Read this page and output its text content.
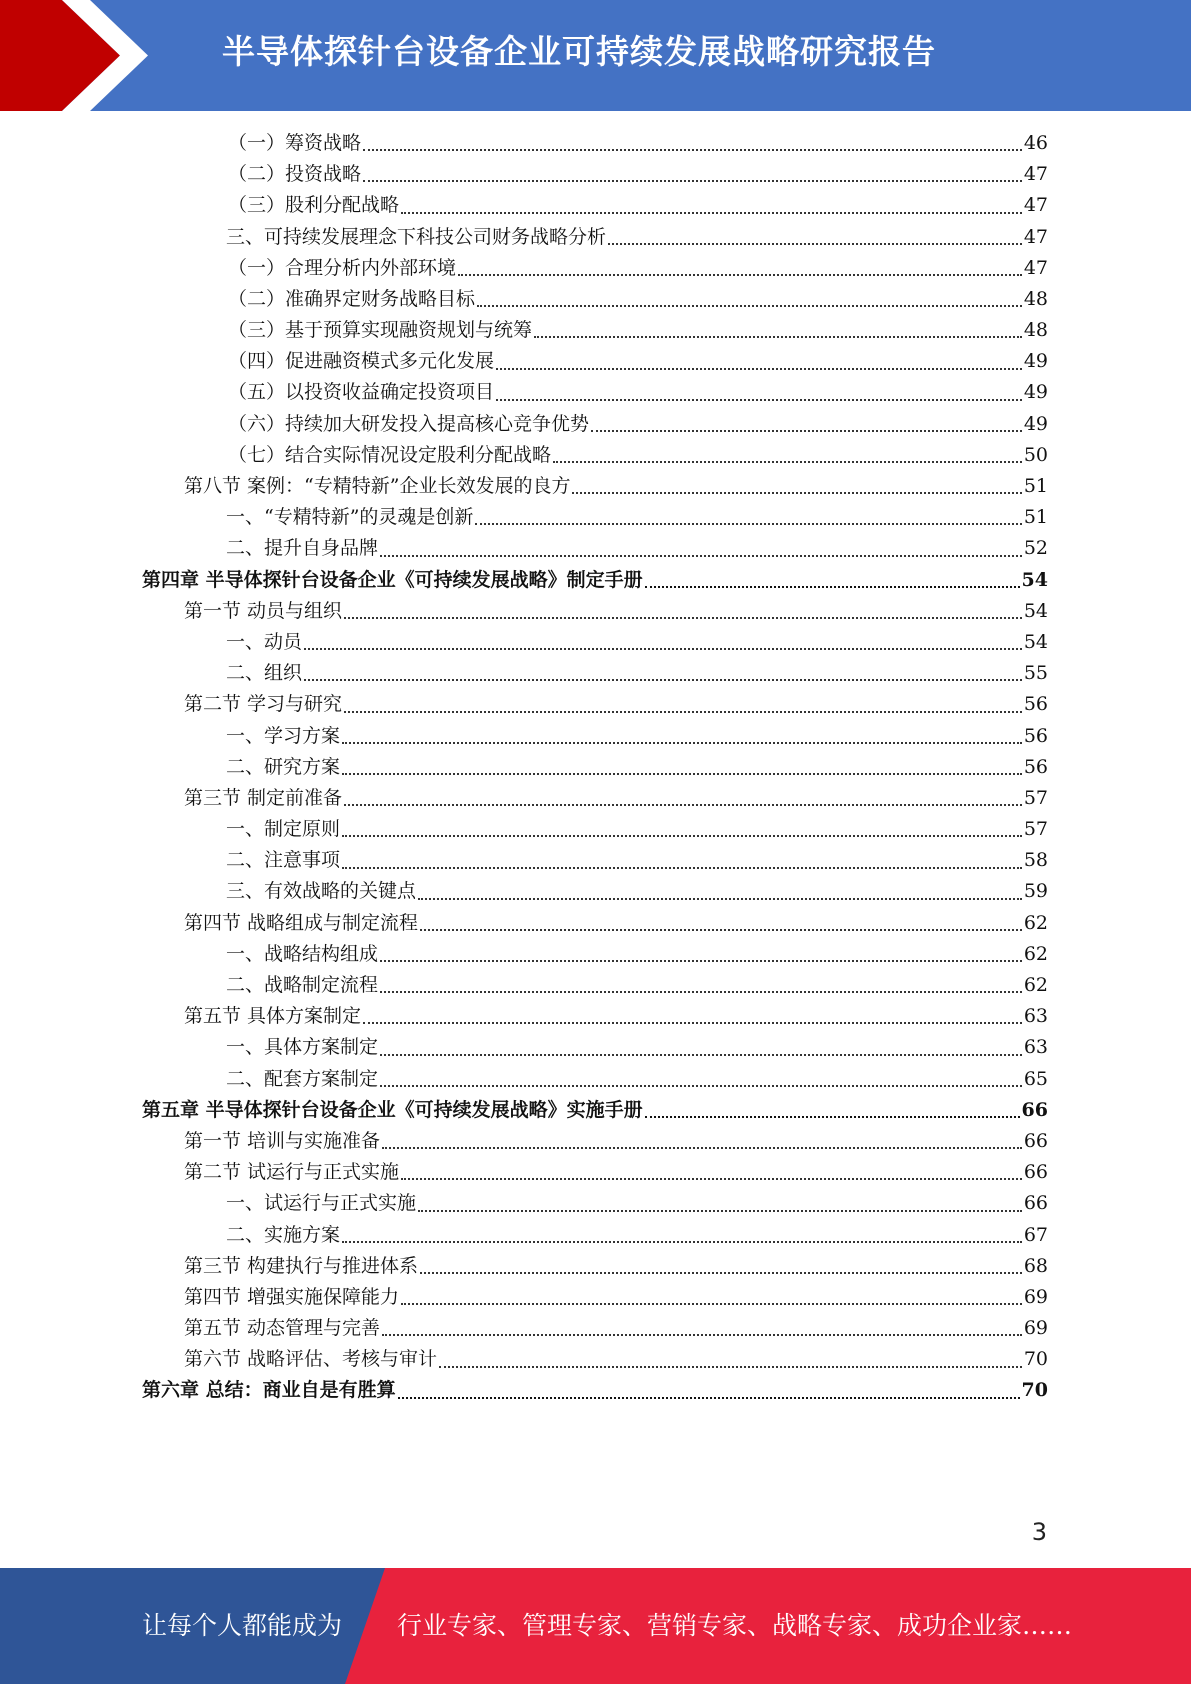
半导体探针台设备企业可持续发展战略研究报告
（一）筹资战略	46
（二）投资战略	47
（三）股利分配战略	47
三、可持续发展理念下科技公司财务战略分析	47
（一）合理分析内外部环境	47
（二）准确界定财务战略目标	48
（三）基于预算实现融资规划与统筹	48
（四）促进融资模式多元化发展	49
（五）以投资收益确定投资项目	49
（六）持续加大研发投入提高核心竞争优势	49
（七）结合实际情况设定股利分配战略	50
第八节 案例：“专精特新”企业长效发展的良方	51
一、“专精特新”的灵魂是创新	51
二、提升自身品牌	52
第四章 半导体探针台设备企业《可持续发展战略》制定手册	54
第一节 动员与组织	54
一、动员	54
二、组织	55
第二节 学习与研究	56
一、学习方案	56
二、研究方案	56
第三节 制定前准备	57
一、制定原则	57
二、注意事项	58
三、有效战略的关键点	59
第四节 战略组成与制定流程	62
一、战略结构组成	62
二、战略制定流程	62
第五节 具体方案制定	63
一、具体方案制定	63
二、配套方案制定	65
第五章 半导体探针台设备企业《可持续发展战略》实施手册	66
第一节 培训与实施准备	66
第二节 试运行与正式实施	66
一、试运行与正式实施	66
二、实施方案	67
第三节 构建执行与推进体系	68
第四节 增强实施保障能力	69
第五节 动态管理与完善	69
第六节 战略评估、考核与审计	70
第六章 总结：商业自是有胜算	70
3
让每个人都能成为 行业专家、管理专家、营销专家、战略专家、成功企业家……
